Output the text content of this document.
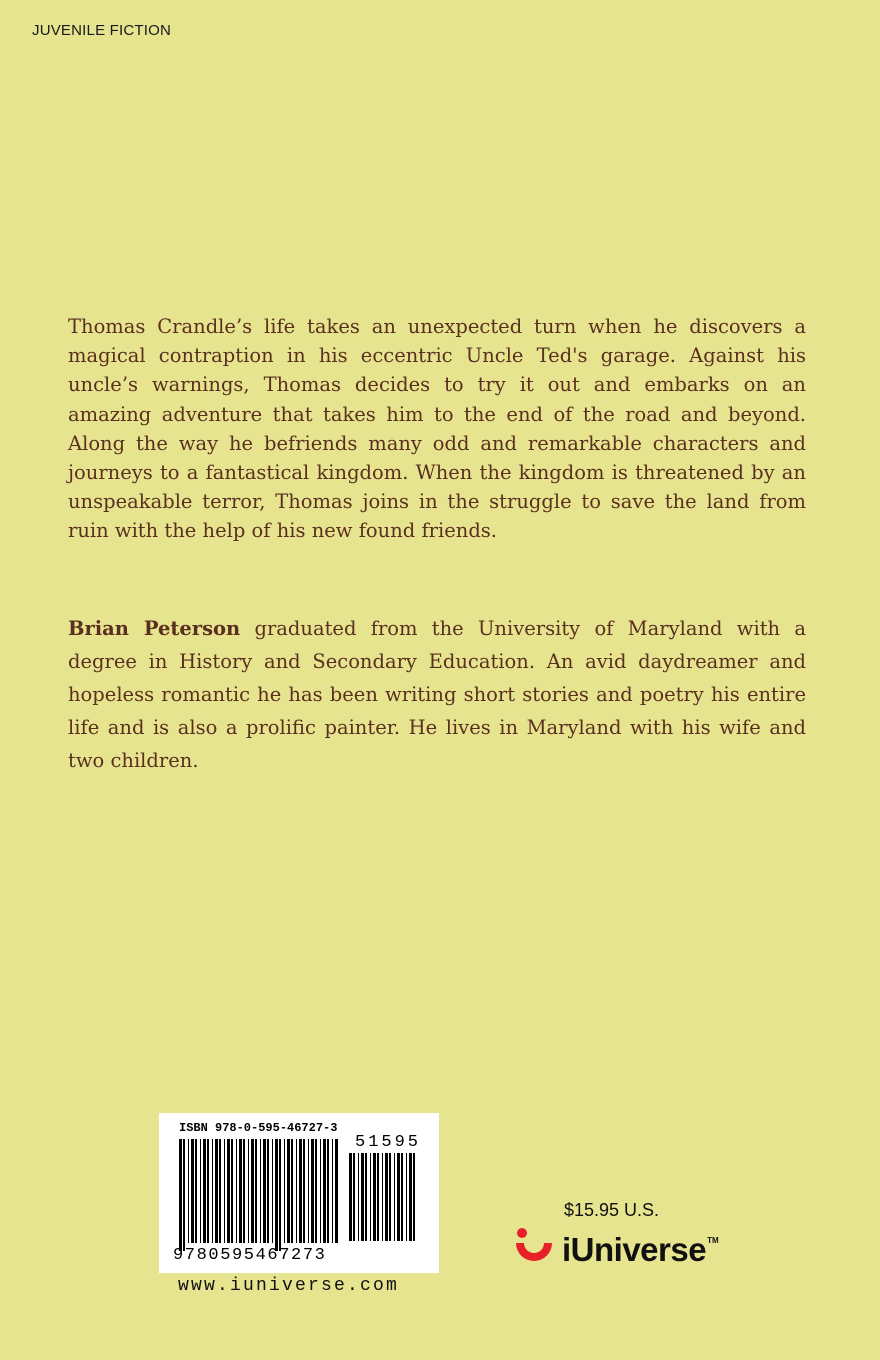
JUVENILE FICTION

Thomas Crandle’s life takes an unexpected turn when he discovers a magical contraption in his eccentric Uncle Ted's garage. Against his uncle’s warnings, Thomas decides to try it out and embarks on an amazing adventure that takes him to the end of the road and beyond. Along the way he befriends many odd and remarkable characters and journeys to a fantastical kingdom. When the kingdom is threatened by an unspeakable terror, Thomas joins in the struggle to save the land from ruin with the help of his new found friends.

Brian Peterson graduated from the University of Maryland with a degree in History and Secondary Education. An avid daydreamer and hopeless romantic he has been writing short stories and poetry his entire life and is also a prolific painter. He lives in Maryland with his wife and two children.

ISBN 978-0-595-46727-3
51595
9780595467273
www.iuniverse.com
$15.95 U.S.
iUniverse TM
